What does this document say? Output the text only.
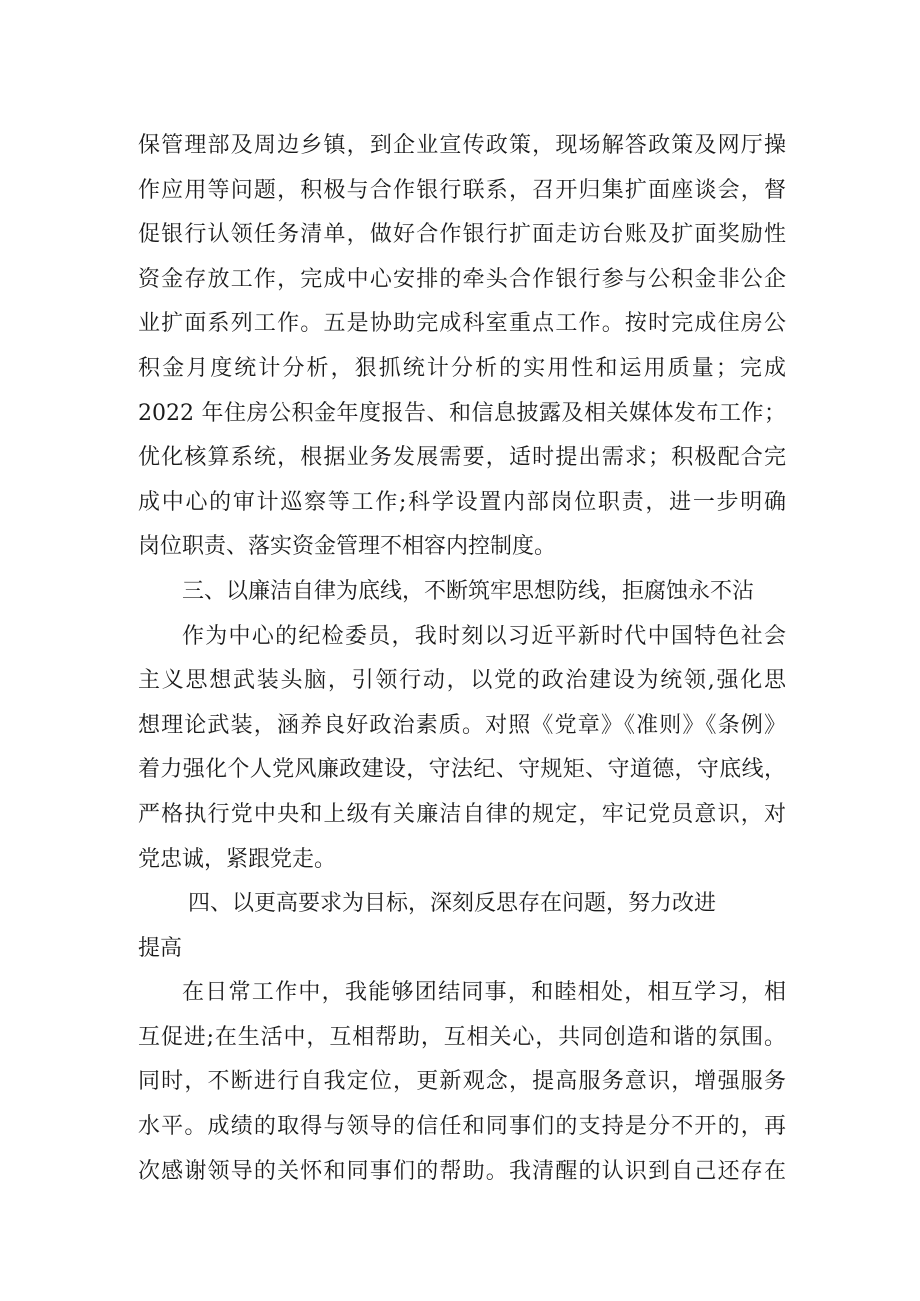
保管理部及周边乡镇，到企业宣传政策，现场解答政策及网厅操
作应用等问题，积极与合作银行联系，召开归集扩面座谈会，督
促银行认领任务清单，做好合作银行扩面走访台账及扩面奖励性
资金存放工作，完成中心安排的牵头合作银行参与公积金非公企
业扩面系列工作。五是协助完成科室重点工作。按时完成住房公
积金月度统计分析，狠抓统计分析的实用性和运用质量；完成
2022 年住房公积金年度报告、和信息披露及相关媒体发布工作；
优化核算系统，根据业务发展需要，适时提出需求；积极配合完
成中心的审计巡察等工作;科学设置内部岗位职责，进一步明确
岗位职责、落实资金管理不相容内控制度。
三、以廉洁自律为底线，不断筑牢思想防线，拒腐蚀永不沾
作为中心的纪检委员，我时刻以习近平新时代中国特色社会
主义思想武装头脑，引领行动，以党的政治建设为统领,强化思
想理论武装，涵养良好政治素质。对照《党章》《准则》《条例》
着力强化个人党风廉政建设，守法纪、守规矩、守道德，守底线，
严格执行党中央和上级有关廉洁自律的规定，牢记党员意识，对
党忠诚，紧跟党走。
四、以更高要求为目标，深刻反思存在问题，努力改进
提高
在日常工作中，我能够团结同事，和睦相处，相互学习，相
互促进;在生活中，互相帮助，互相关心，共同创造和谐的氛围。
同时，不断进行自我定位，更新观念，提高服务意识，增强服务
水平。成绩的取得与领导的信任和同事们的支持是分不开的，再
次感谢领导的关怀和同事们的帮助。我清醒的认识到自己还存在
